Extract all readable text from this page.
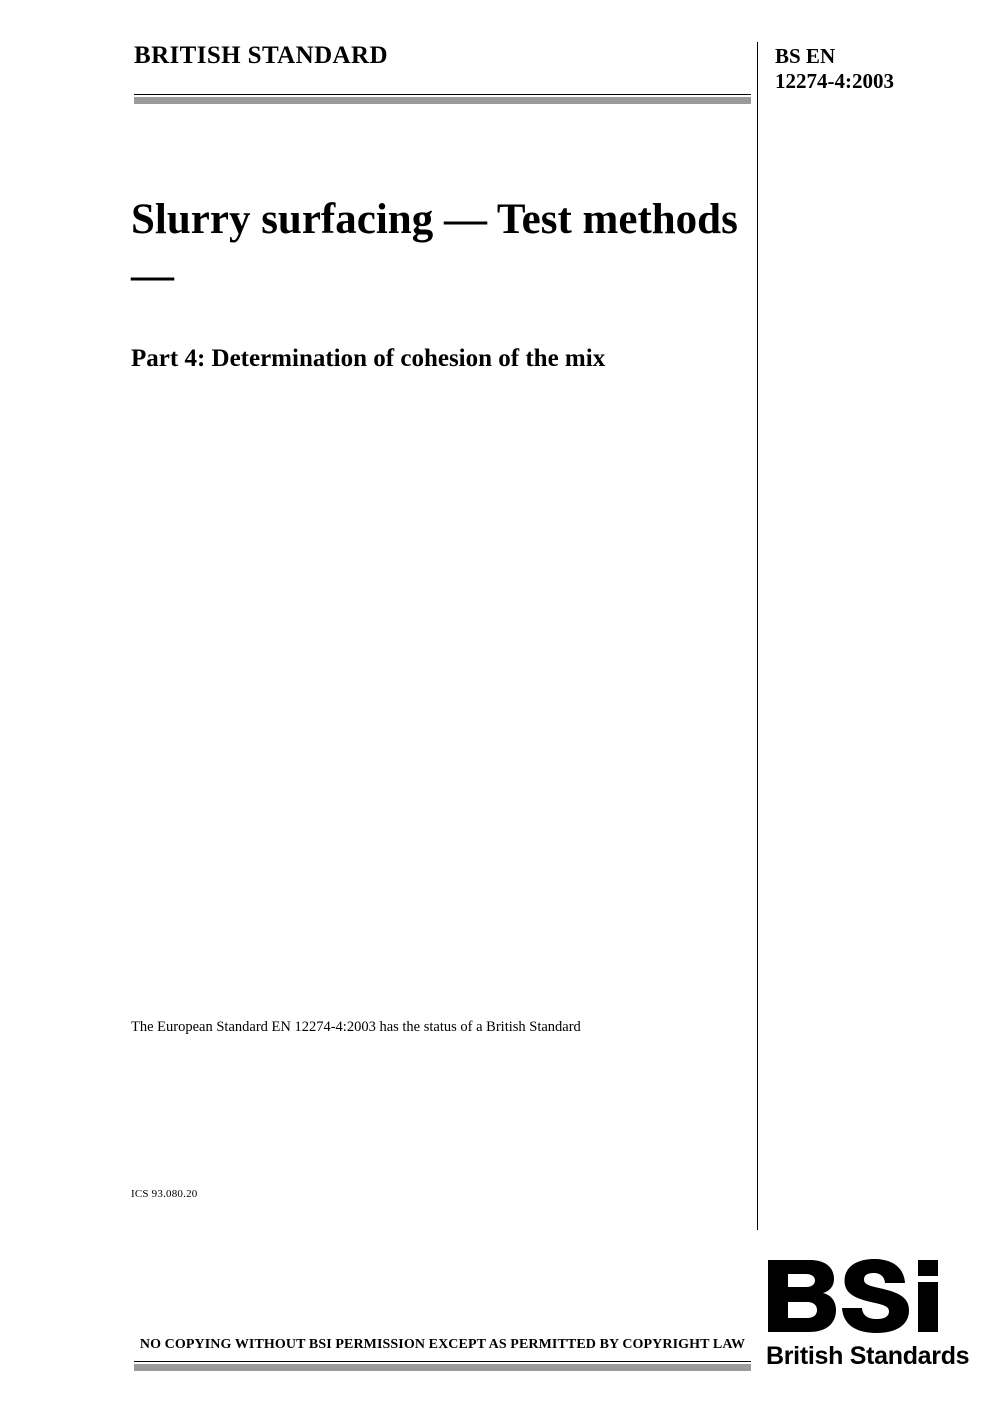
BRITISH STANDARD	BS EN
12274-4:2003
Slurry surfacing — Test methods —
Part 4: Determination of cohesion of the mix
The European Standard EN 12274-4:2003 has the status of a British Standard
ICS 93.080.20
British Standards
NO COPYING WITHOUT BSI PERMISSION EXCEPT AS PERMITTED BY COPYRIGHT LAW
